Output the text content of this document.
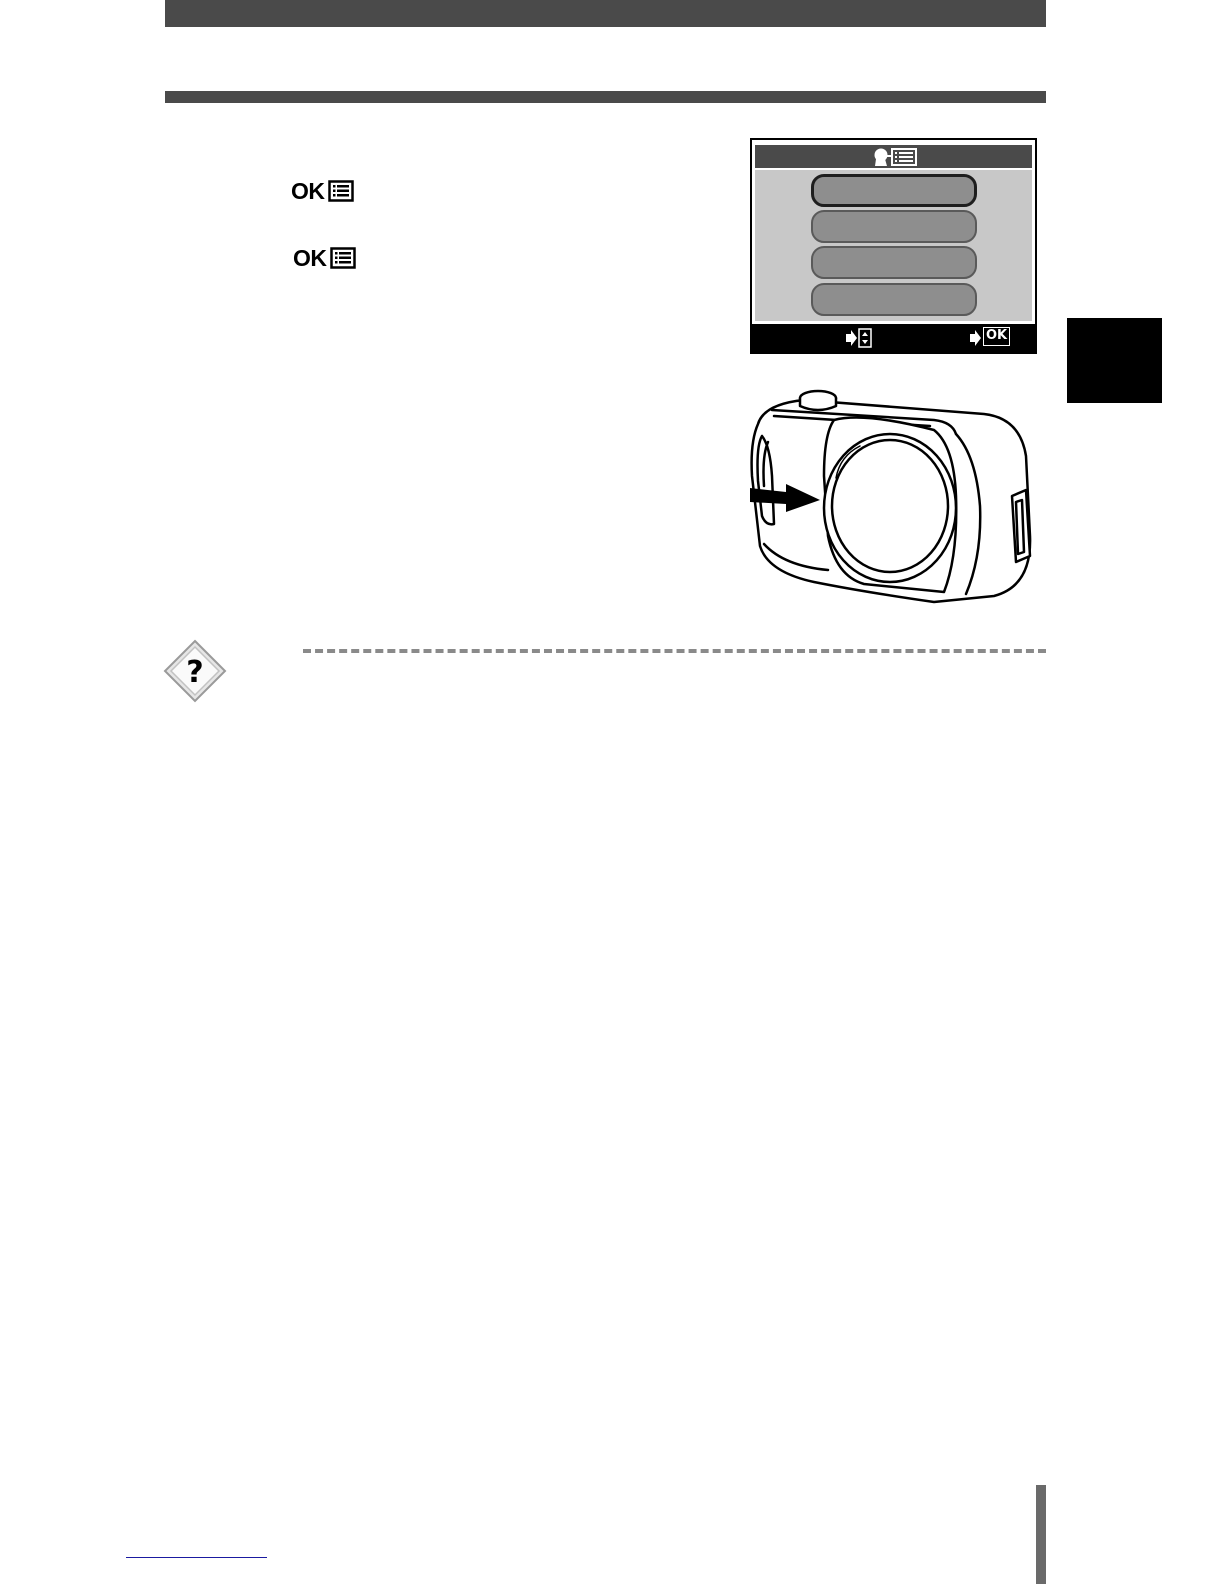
OK
OK
OK
?
